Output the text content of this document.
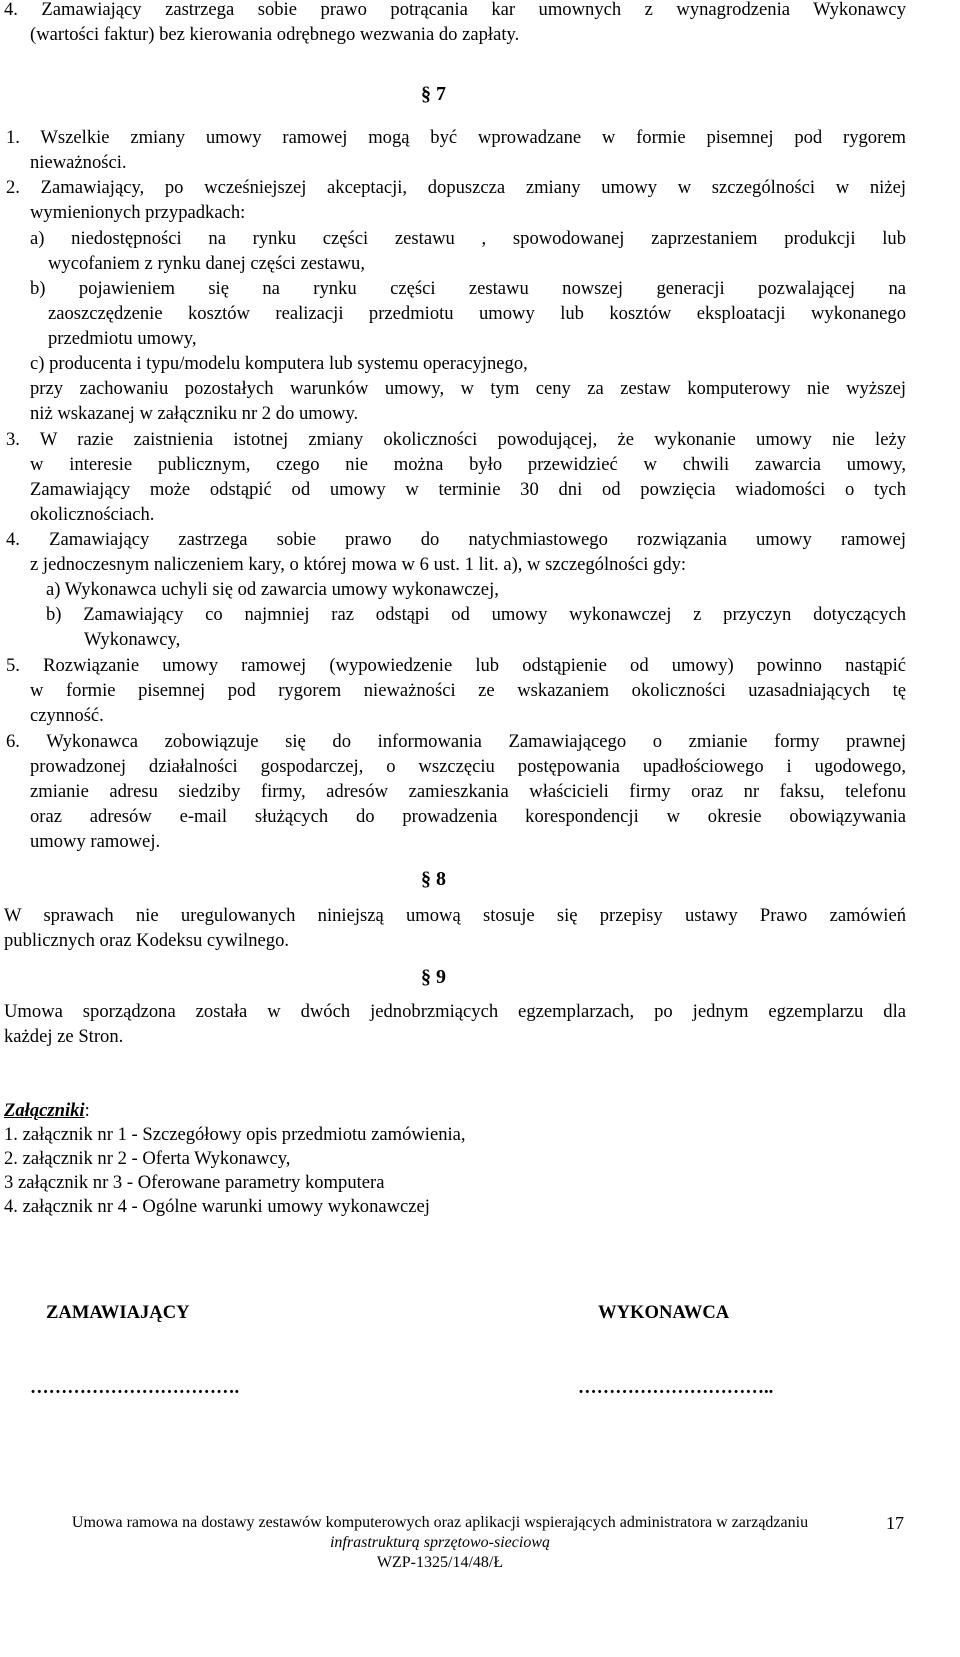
4. Zamawiający zastrzega sobie prawo potrącania kar umownych z wynagrodzenia Wykonawcy
(wartości faktur) bez kierowania odrębnego wezwania do zapłaty.
§ 7
1. Wszelkie zmiany umowy ramowej mogą być wprowadzane w formie pisemnej pod rygorem
nieważności.
2. Zamawiający, po wcześniejszej akceptacji, dopuszcza zmiany umowy w szczególności w niżej
wymienionych przypadkach:
a) niedostępności na rynku części zestawu , spowodowanej zaprzestaniem produkcji lub
wycofaniem z rynku danej części zestawu,
b) pojawieniem się na rynku części zestawu nowszej generacji pozwalającej na
zaoszczędzenie kosztów realizacji przedmiotu umowy lub kosztów eksploatacji wykonanego
przedmiotu umowy,
c) producenta i typu/modelu komputera lub systemu operacyjnego,
przy zachowaniu pozostałych warunków umowy, w tym ceny za zestaw komputerowy nie wyższej
niż wskazanej w załączniku nr 2 do umowy.
3. W razie zaistnienia istotnej zmiany okoliczności powodującej, że wykonanie umowy nie leży
w interesie publicznym, czego nie można było przewidzieć w chwili zawarcia umowy,
Zamawiający może odstąpić od umowy w terminie 30 dni od powzięcia wiadomości o tych
okolicznościach.
4. Zamawiający zastrzega sobie prawo do natychmiastowego rozwiązania umowy ramowej
z jednoczesnym naliczeniem kary, o której mowa w 6 ust. 1 lit. a), w szczególności gdy:
a) Wykonawca uchyli się od zawarcia umowy wykonawczej,
b) Zamawiający co najmniej raz odstąpi od umowy wykonawczej z przyczyn dotyczących
Wykonawcy,
5. Rozwiązanie umowy ramowej (wypowiedzenie lub odstąpienie od umowy) powinno nastąpić
w formie pisemnej pod rygorem nieważności ze wskazaniem okoliczności uzasadniających tę
czynność.
6. Wykonawca zobowiązuje się do informowania Zamawiającego o zmianie formy prawnej
prowadzonej działalności gospodarczej, o wszczęciu postępowania upadłościowego i ugodowego,
zmianie adresu siedziby firmy, adresów zamieszkania właścicieli firmy oraz nr faksu, telefonu
oraz adresów e-mail służących do prowadzenia korespondencji w okresie obowiązywania
umowy ramowej.
§ 8
W sprawach nie uregulowanych niniejszą umową stosuje się przepisy ustawy Prawo zamówień
publicznych oraz Kodeksu cywilnego.
§ 9
Umowa sporządzona została w dwóch jednobrzmiących egzemplarzach, po jednym egzemplarzu dla
każdej ze Stron.
Załączniki:
1. załącznik nr 1 - Szczegółowy opis przedmiotu zamówienia,
2. załącznik nr 2 - Oferta Wykonawcy,
3 załącznik nr 3 - Oferowane parametry komputera
4. załącznik nr 4 - Ogólne warunki umowy wykonawczej
ZAMAWIAJĄCY	WYKONAWCA
…………………………….	…………………………..
Umowa ramowa na dostawy zestawów komputerowych oraz aplikacji wspierających administratora w zarządzaniu
infrastrukturą sprzętowo-sieciową
WZP-1325/14/48/Ł
17
